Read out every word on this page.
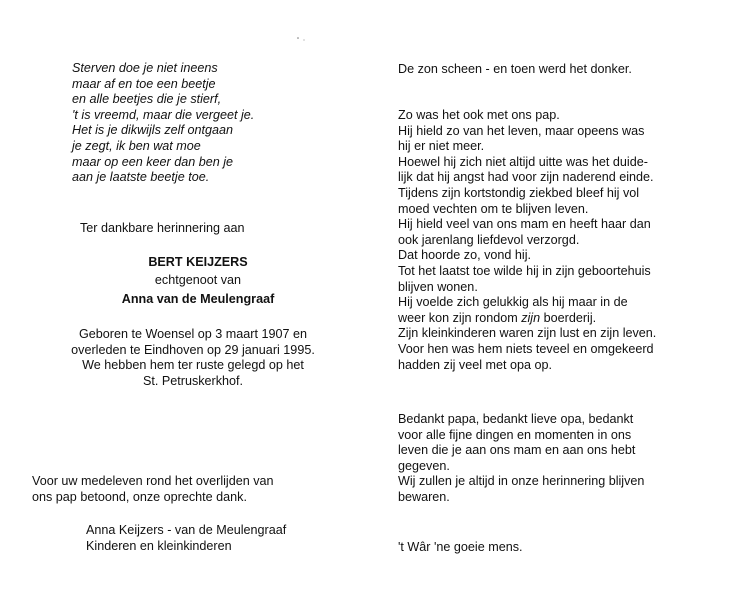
Sterven doe je niet ineens
maar af en toe een beetje
en alle beetjes die je stierf,
't is vreemd, maar die vergeet je.
Het is je dikwijls zelf ontgaan
je zegt, ik ben wat moe
maar op een keer dan ben je
aan je laatste beetje toe.
Ter dankbare herinnering aan
BERT KEIJZERS
echtgenoot van
Anna van de Meulengraaf
Geboren te Woensel op 3 maart 1907 en
overleden te Eindhoven op 29 januari 1995.
We hebben hem ter ruste gelegd op het
St. Petruskerkhof.
Voor uw medeleven rond het overlijden van
ons pap betoond, onze oprechte dank.
Anna Keijzers - van de Meulengraaf
Kinderen en kleinkinderen
De zon scheen - en toen werd het donker.
Zo was het ook met ons pap.
Hij hield zo van het leven, maar opeens was
hij er niet meer.
Hoewel hij zich niet altijd uitte was het duide-
lijk dat hij angst had voor zijn naderend einde.
Tijdens zijn kortstondig ziekbed bleef hij vol
moed vechten om te blijven leven.
Hij hield veel van ons mam en heeft haar dan
ook jarenlang liefdevol verzorgd.
Dat hoorde zo, vond hij.
Tot het laatst toe wilde hij in zijn geboortehuis
blijven wonen.
Hij voelde zich gelukkig als hij maar in de
weer kon zijn rondom zijn boerderij.
Zijn kleinkinderen waren zijn lust en zijn leven.
Voor hen was hem niets teveel en omgekeerd
hadden zij veel met opa op.
Bedankt papa, bedankt lieve opa, bedankt
voor alle fijne dingen en momenten in ons
leven die je aan ons mam en aan ons hebt
gegeven.
Wij zullen je altijd in onze herinnering blijven
bewaren.
't Wâr 'ne goeie mens.
